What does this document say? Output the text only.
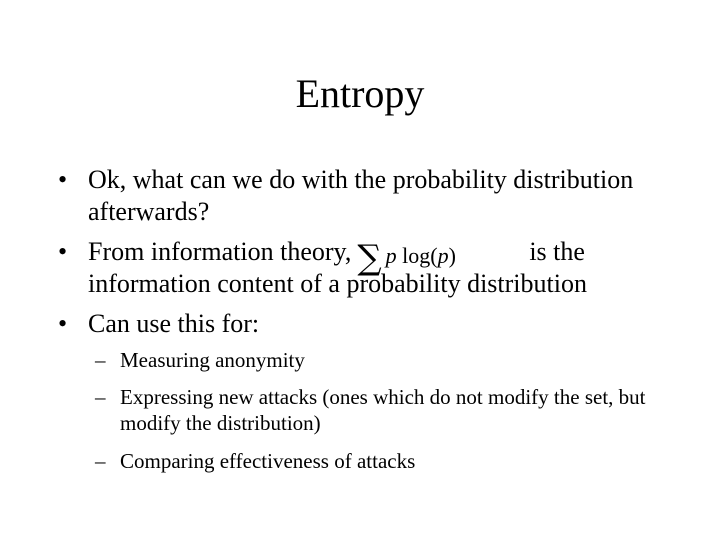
Entropy
• Ok, what can we do with the probability distribution afterwards?
• From information theory, ∑ p log(p)	is the information content of a probability distribution
• Can use this for:
– Measuring anonymity
– Expressing new attacks (ones which do not modify the set, but modify the distribution)
– Comparing effectiveness of attacks
